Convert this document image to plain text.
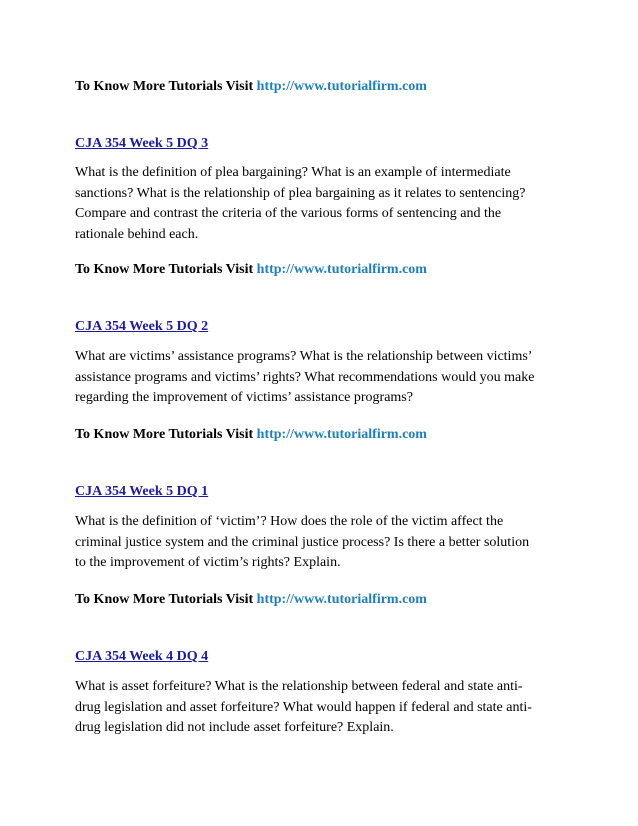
To Know More Tutorials Visit http://www.tutorialfirm.com
CJA 354 Week 5 DQ 3
What is the definition of plea bargaining? What is an example of intermediate
sanctions? What is the relationship of plea bargaining as it relates to sentencing?
Compare and contrast the criteria of the various forms of sentencing and the
rationale behind each.
To Know More Tutorials Visit http://www.tutorialfirm.com
CJA 354 Week 5 DQ 2
What are victims’ assistance programs? What is the relationship between victims’
assistance programs and victims’ rights? What recommendations would you make
regarding the improvement of victims’ assistance programs?
To Know More Tutorials Visit http://www.tutorialfirm.com
CJA 354 Week 5 DQ 1
What is the definition of ‘victim’? How does the role of the victim affect the
criminal justice system and the criminal justice process? Is there a better solution
to the improvement of victim’s rights? Explain.
To Know More Tutorials Visit http://www.tutorialfirm.com
CJA 354 Week 4 DQ 4
What is asset forfeiture? What is the relationship between federal and state anti-
drug legislation and asset forfeiture? What would happen if federal and state anti-
drug legislation did not include asset forfeiture? Explain.
